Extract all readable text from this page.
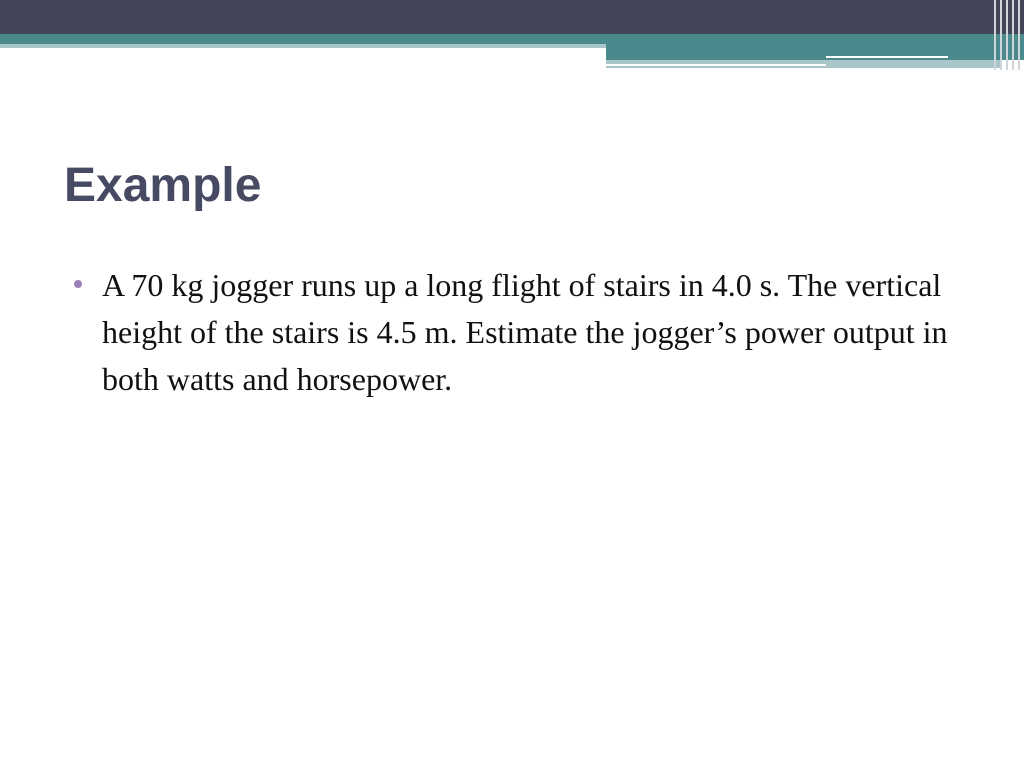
Example
A 70 kg jogger runs up a long flight of stairs in 4.0 s. The vertical height of the stairs is 4.5 m. Estimate the jogger’s power output in both watts and horsepower.
